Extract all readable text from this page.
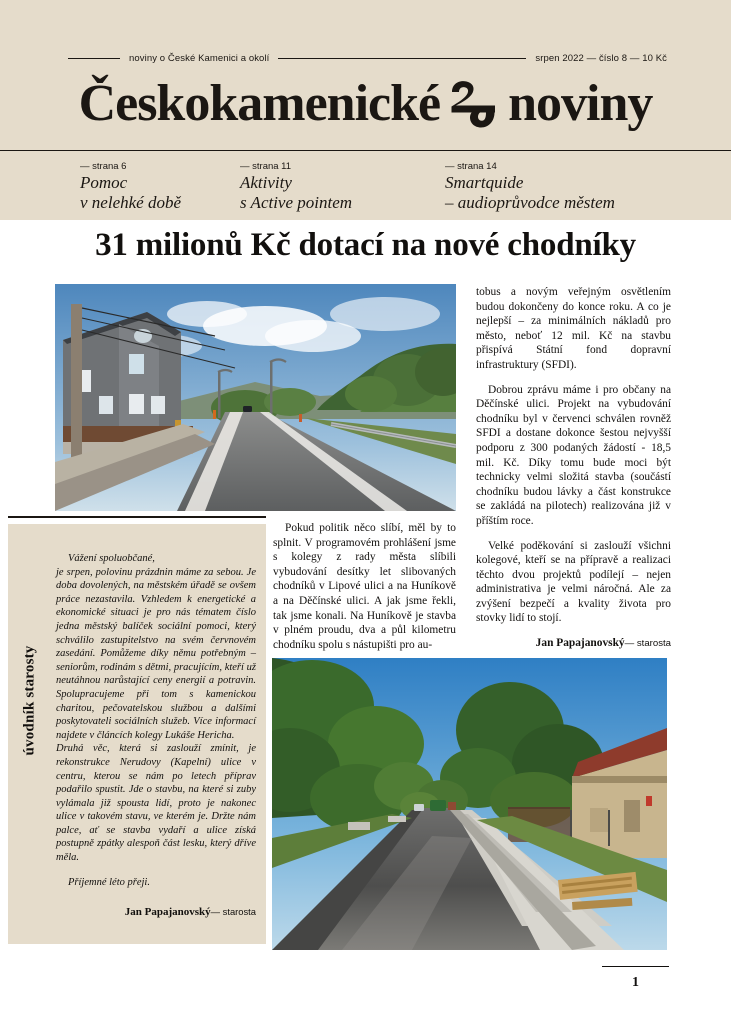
noviny o České Kamenici a okolí	srpen 2022 — číslo 8 — 10 Kč
Českokamenické noviny
— strana 6
Pomoc
v nelehké době
— strana 11
Aktivity
s Active pointem
— strana 14
Smartquide
– audioprůvodce městem
31 milionů Kč dotací na nové chodníky

Pokud politik něco slíbí, měl by to splnit. V programovém prohlášení jsme s kolegy z rady města slíbili vybudování desítky let slibovaných chodníků v Lipové ulici a na Huníkově a na Děčínské ulici. A jak jsme řekli, tak jsme konali. Na Huníkově je stavba v plném proudu, dva a půl kilometru chodníku spolu s nástupišti pro au-

tobus a novým veřejným osvětlením budou dokončeny do konce roku. A co je nejlepší – za minimálních nákladů pro město, neboť 12 mil. Kč na stavbu přispívá Státní fond dopravní infrastruktury (SFDI).

Dobrou zprávu máme i pro občany na Děčínské ulici. Projekt na vybudování chodníku byl v červenci schválen rovněž SFDI a dostane dokonce šestou nejvyšší podporu z 300 podaných žádostí - 18,5 mil. Kč. Díky tomu bude moci být technicky velmi složitá stavba (součástí chodníku budou lávky a část konstrukce se zakládá na pilotech) realizována již v příštím roce.

Velké poděkování si zaslouží všichni kolegové, kteří se na přípravě a realizaci těchto dvou projektů podílejí – nejen administrativa je velmi náročná. Ale za zvýšení bezpečí a kvality života pro stovky lidí to stojí.

Jan Papajanovský— starosta
úvodník starosty

Vážení spoluobčané,

je srpen, polovinu prázdnin máme za sebou. Je doba dovolených, na městském úřadě se ovšem práce nezastavila. Vzhledem k energetické a ekonomické situaci je pro nás tématem číslo jedna městský balíček sociální pomoci, který schválilo zastupitelstvo na svém červnovém zasedání. Pomůžeme díky němu potřebným – seniorům, rodinám s dětmi, pracujícím, kteří už neutáhnou narůstající ceny energií a potravin. Spolupracujeme při tom s kamenickou charitou, pečovatelskou službou a dalšími poskytovateli sociálních služeb. Více informací najdete v článcích kolegy Lukáše Hericha.

Druhá věc, která si zaslouží zmínit, je rekonstrukce Nerudovy (Kapelní) ulice v centru, kterou se nám po letech příprav podařilo spustit. Jde o stavbu, na které si zuby vylámala již spousta lidí, proto je nakonec ulice v takovém stavu, ve kterém je. Držte nám palce, ať se stavba vydaří a ulice získá postupně zpátky alespoň část lesku, který dříve měla.

Příjemné léto přeji.

Jan Papajanovský— starosta
1
